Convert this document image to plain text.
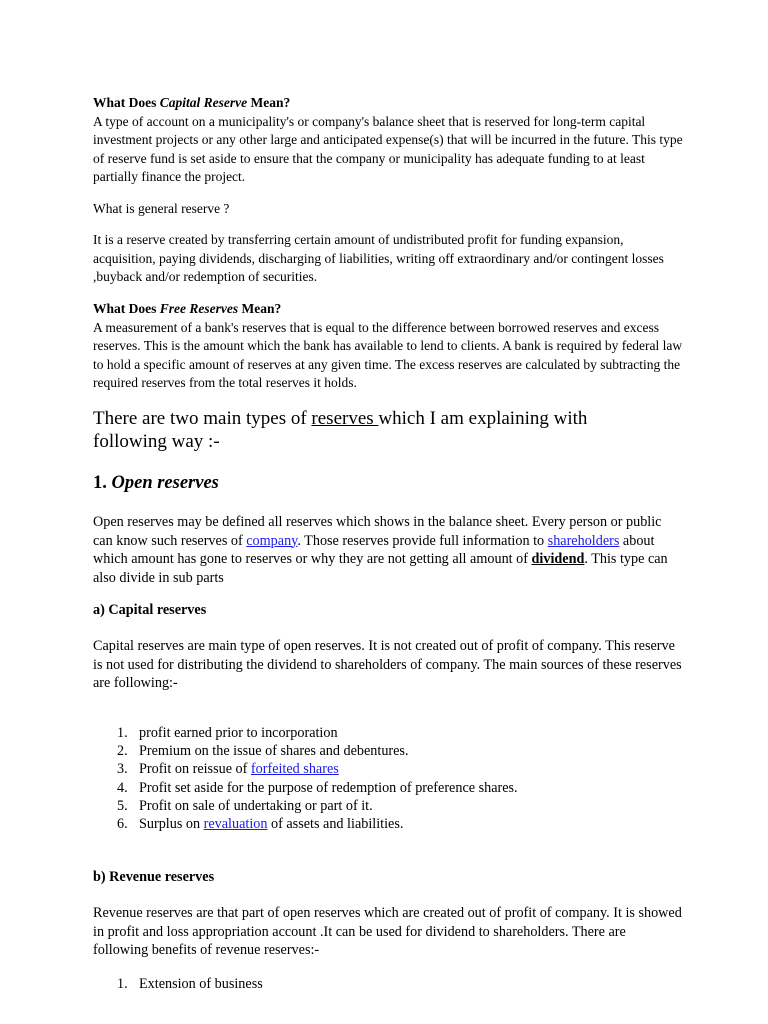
What Does Capital Reserve Mean?

A type of account on a municipality's or company's balance sheet that is reserved for long-term capital investment projects or any other large and anticipated expense(s) that will be incurred in the future. This type of reserve fund is set aside to ensure that the company or municipality has adequate funding to at least partially finance the project.

What is general reserve ?

It is a reserve created by transferring certain amount of undistributed profit for funding expansion, acquisition, paying dividends, discharging of liabilities, writing off extraordinary and/or contingent losses ,buyback and/or redemption of securities.

What Does Free Reserves Mean?

A measurement of a bank's reserves that is equal to the difference between borrowed reserves and excess reserves. This is the amount which the bank has available to lend to clients. A bank is required by federal law to hold a specific amount of reserves at any given time. The excess reserves are calculated by subtracting the required reserves from the total reserves it holds.

There are two main types of reserves which I am explaining with following way :-

1. Open reserves

Open reserves may be defined all reserves which shows in the balance sheet. Every person or public can know such reserves of company. Those reserves provide full information to shareholders about which amount has gone to reserves or why they are not getting all amount of dividend. This type can also divide in sub parts

a) Capital reserves

Capital reserves are main type of open reserves. It is not created out of profit of company. This reserve is not used for distributing the dividend to shareholders of company. The main sources of these reserves are following:-

1. profit earned prior to incorporation
2. Premium on the issue of shares and debentures.
3. Profit on reissue of forfeited shares
4. Profit set aside for the purpose of redemption of preference shares.
5. Profit on sale of undertaking or part of it.
6. Surplus on revaluation of assets and liabilities.

b) Revenue reserves

Revenue reserves are that part of open reserves which are created out of profit of company. It is showed in profit and loss appropriation account .It can be used for dividend to shareholders. There are following benefits of revenue reserves:-

1. Extension of business
